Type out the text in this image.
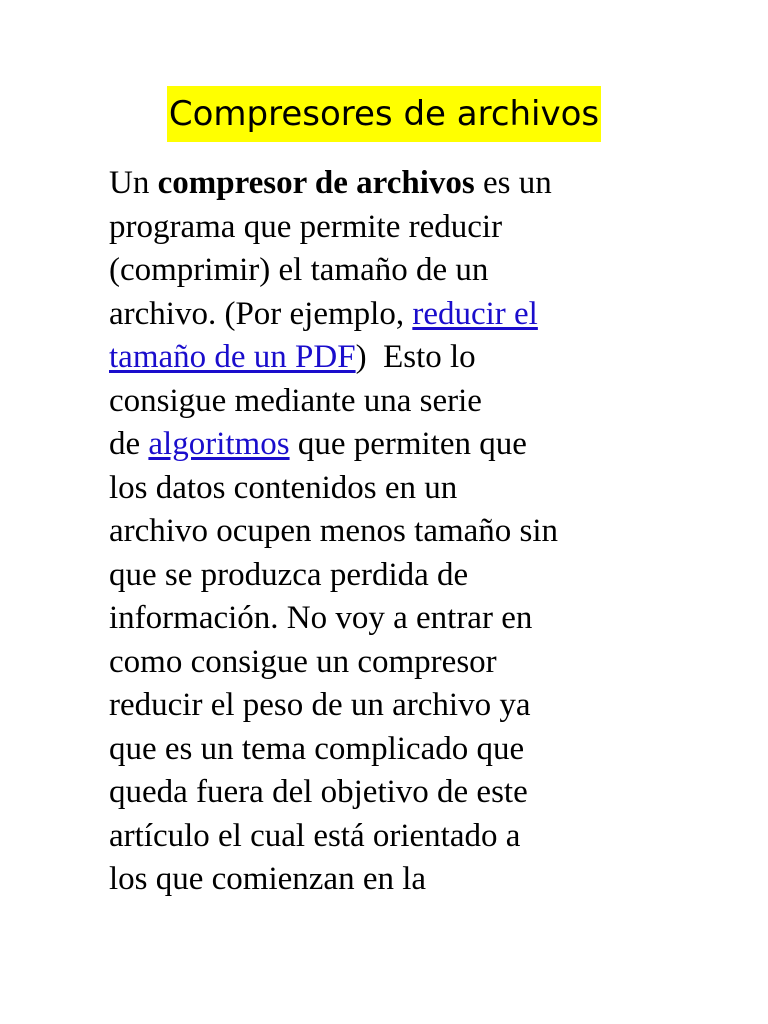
Compresores de archivos

Un compresor de archivos es un
programa que permite reducir
(comprimir) el tamaño de un
archivo. (Por ejemplo, reducir el
tamaño de un PDF)  Esto lo
consigue mediante una serie
de algoritmos que permiten que
los datos contenidos en un
archivo ocupen menos tamaño sin
que se produzca perdida de
información. No voy a entrar en
como consigue un compresor
reducir el peso de un archivo ya
que es un tema complicado que
queda fuera del objetivo de este
artículo el cual está orientado a
los que comienzan en la
